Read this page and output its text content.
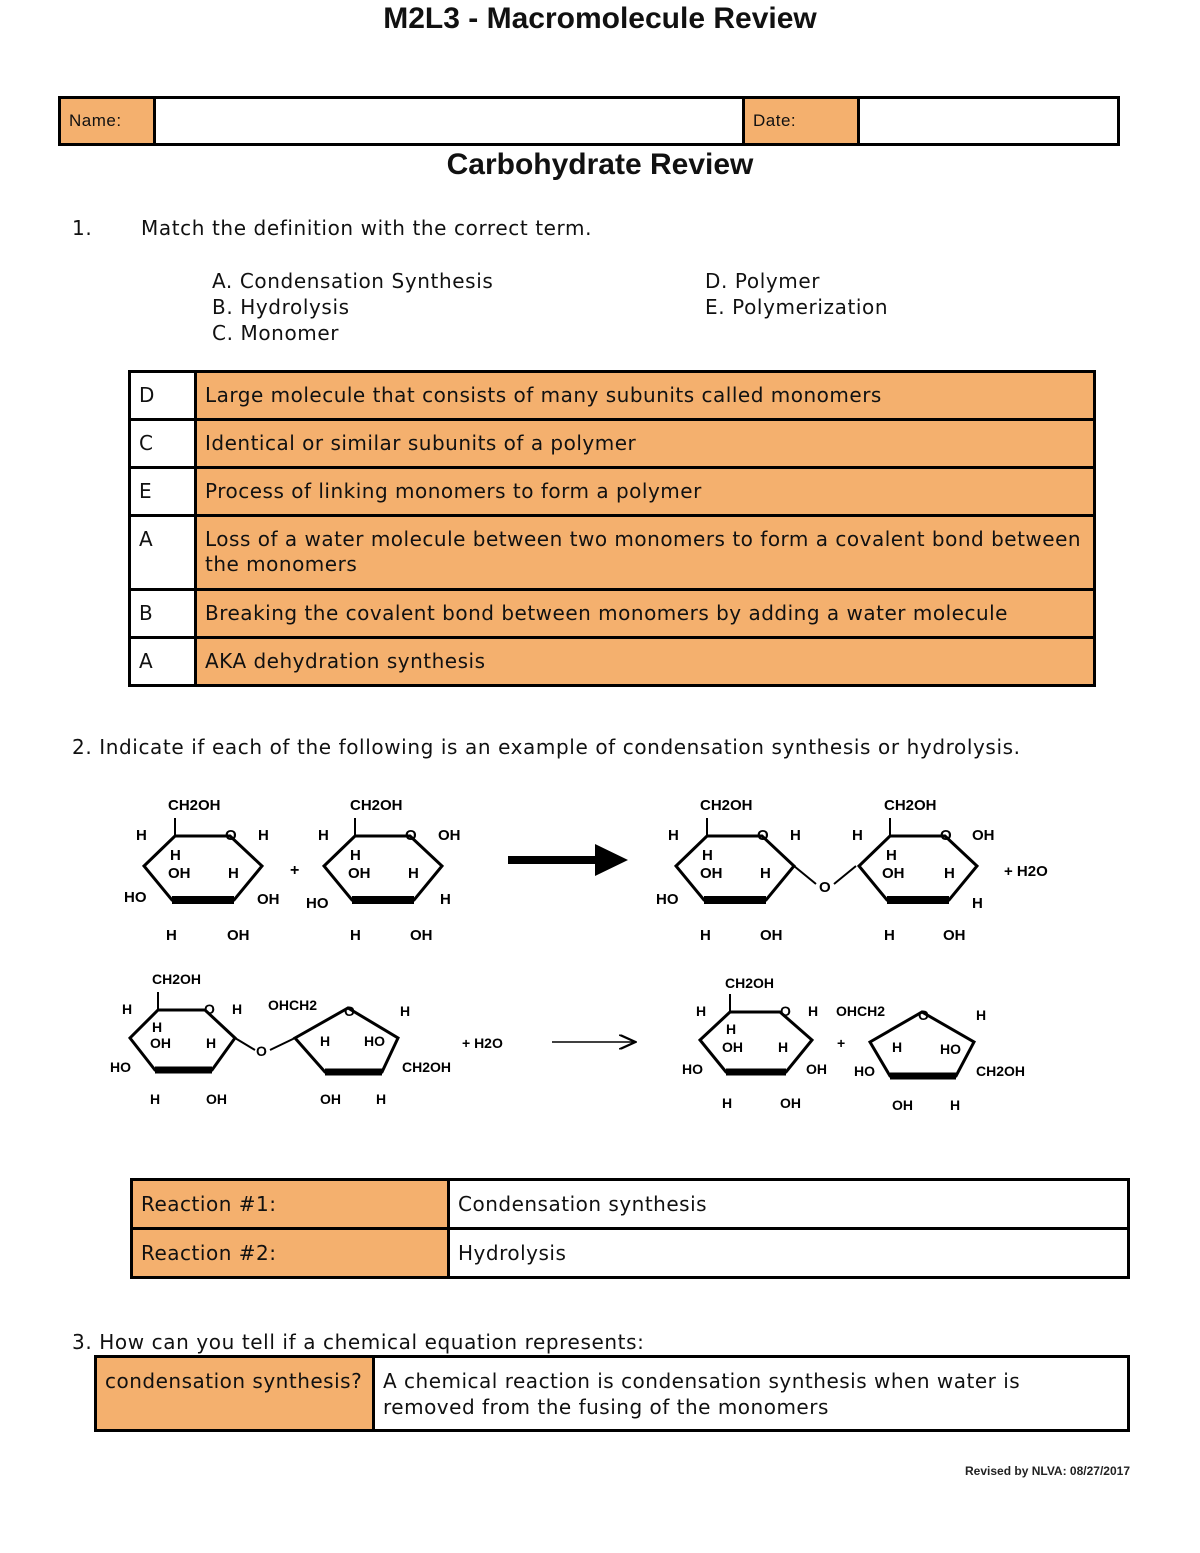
M2L3 - Macromolecule Review
Name:		Date:	
Carbohydrate Review
1. Match the definition with the correct term.
A. Condensation Synthesis
B. Hydrolysis
C. Monomer
D. Polymer
E. Polymerization
D	Large molecule that consists of many subunits called monomers
C	Identical or similar subunits of a polymer
E	Process of linking monomers to form a polymer
A	Loss of a water molecule between two monomers to form a covalent bond between the monomers
B	Breaking the covalent bond between monomers by adding a water molecule
A	AKA dehydration synthesis
2. Indicate if each of the following is an example of condensation synthesis or hydrolysis.
CH2OH
O
H	H
H
OH	H
HO	OH
H	OH
+
CH2OH
O
H	OH
H
OH	H
HO	H
H	OH
CH2OH
O
H	H
H
OH	H
HO
H	OH
O
CH2OH
O
H	OH
H
OH	H
H
H	OH
+ H2O
CH2OH
O
H	H
H
OH	H
HO
H	OH
O
OHCH2 O	H
H HO
CH2OH
OH	H
+ H2O
CH2OH
O
H	H
H
OH	H
HO	OH
H	OH
+
OHCH2 O	H
H	HO
HO	CH2OH
OH	H
Reaction #1:	Condensation synthesis
Reaction #2:	Hydrolysis
3. How can you tell if a chemical equation represents:
condensation synthesis?	A chemical reaction is condensation synthesis when water is removed from the fusing of the monomers
Revised by NLVA: 08/27/2017
